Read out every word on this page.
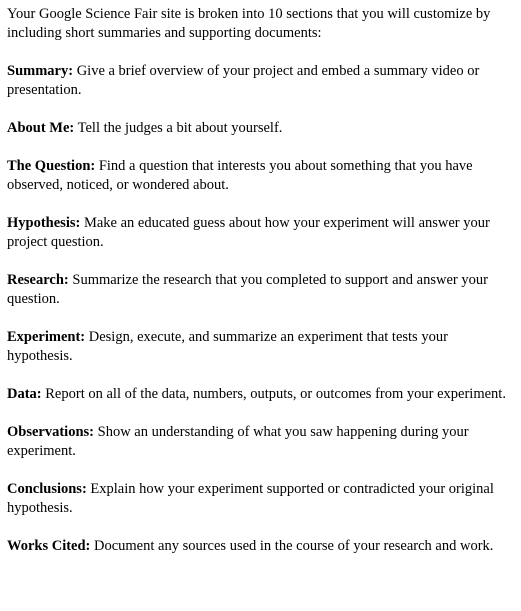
Your Google Science Fair site is broken into 10 sections that you will customize by including short summaries and supporting documents:

Summary: Give a brief overview of your project and embed a summary video or presentation.

About Me: Tell the judges a bit about yourself.

The Question: Find a question that interests you about something that you have observed, noticed, or wondered about.

Hypothesis: Make an educated guess about how your experiment will answer your project question.

Research: Summarize the research that you completed to support and answer your question.

Experiment: Design, execute, and summarize an experiment that tests your hypothesis.

Data: Report on all of the data, numbers, outputs, or outcomes from your experiment.

Observations: Show an understanding of what you saw happening during your experiment.

Conclusions: Explain how your experiment supported or contradicted your original hypothesis.

Works Cited: Document any sources used in the course of your research and work.
